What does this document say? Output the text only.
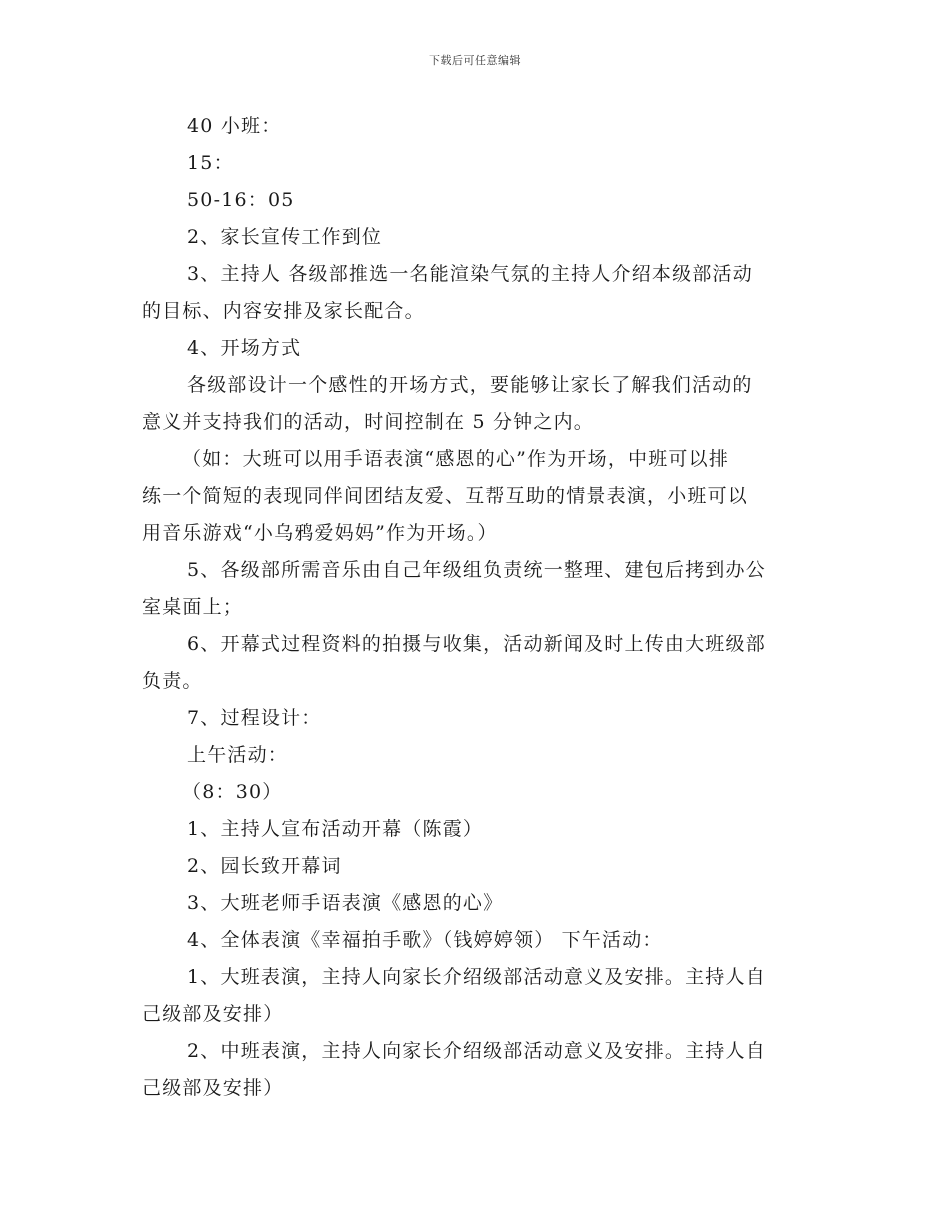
下载后可任意编辑
40 小班：
15：
50-16：05
2、家长宣传工作到位
3、主持人 各级部推选一名能渲染气氛的主持人介绍本级部活动
的目标、内容安排及家长配合。
4、开场方式
各级部设计一个感性的开场方式，要能够让家长了解我们活动的
意义并支持我们的活动，时间控制在 5 分钟之内。
（如：大班可以用手语表演“感恩的心”作为开场，中班可以排
练一个简短的表现同伴间团结友爱、互帮互助的情景表演，小班可以
用音乐游戏“小乌鸦爱妈妈”作为开场。）
5、各级部所需音乐由自己年级组负责统一整理、建包后拷到办公
室桌面上；
6、开幕式过程资料的拍摄与收集，活动新闻及时上传由大班级部
负责。
7、过程设计：
上午活动：
（8：30）
1、主持人宣布活动开幕（陈霞）
2、园长致开幕词
3、大班老师手语表演《感恩的心》
4、全体表演《幸福拍手歌》（钱婷婷领） 下午活动：
1、大班表演，主持人向家长介绍级部活动意义及安排。主持人自
己级部及安排）
2、中班表演，主持人向家长介绍级部活动意义及安排。主持人自
己级部及安排）
